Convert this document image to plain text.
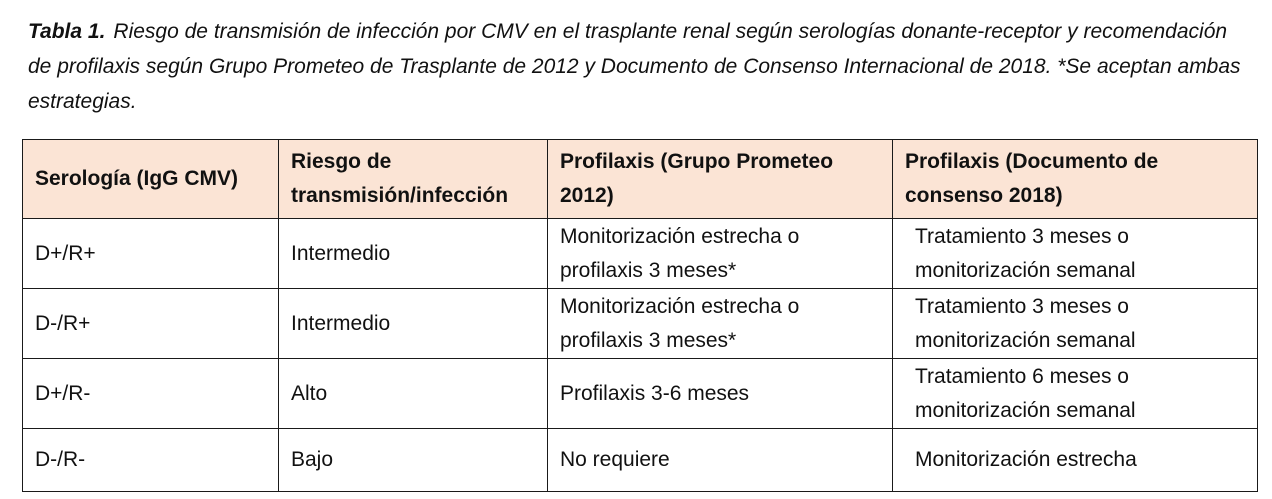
Tabla 1. Riesgo de transmisión de infección por CMV en el trasplante renal según serologías donante-receptor y recomendación de profilaxis según Grupo Prometeo de Trasplante de 2012 y Documento de Consenso Internacional de 2018. *Se aceptan ambas estrategias.
Serología (IgG CMV)	Riesgo de transmisión/infección	Profilaxis (Grupo Prometeo 2012)	Profilaxis (Documento de consenso 2018)
D+/R+	Intermedio	Monitorización estrecha o profilaxis 3 meses*	Tratamiento 3 meses o monitorización semanal
D-/R+	Intermedio	Monitorización estrecha o profilaxis 3 meses*	Tratamiento 3 meses o monitorización semanal
D+/R-	Alto	Profilaxis 3-6 meses	Tratamiento 6 meses o monitorización semanal
D-/R-	Bajo	No requiere	Monitorización estrecha
